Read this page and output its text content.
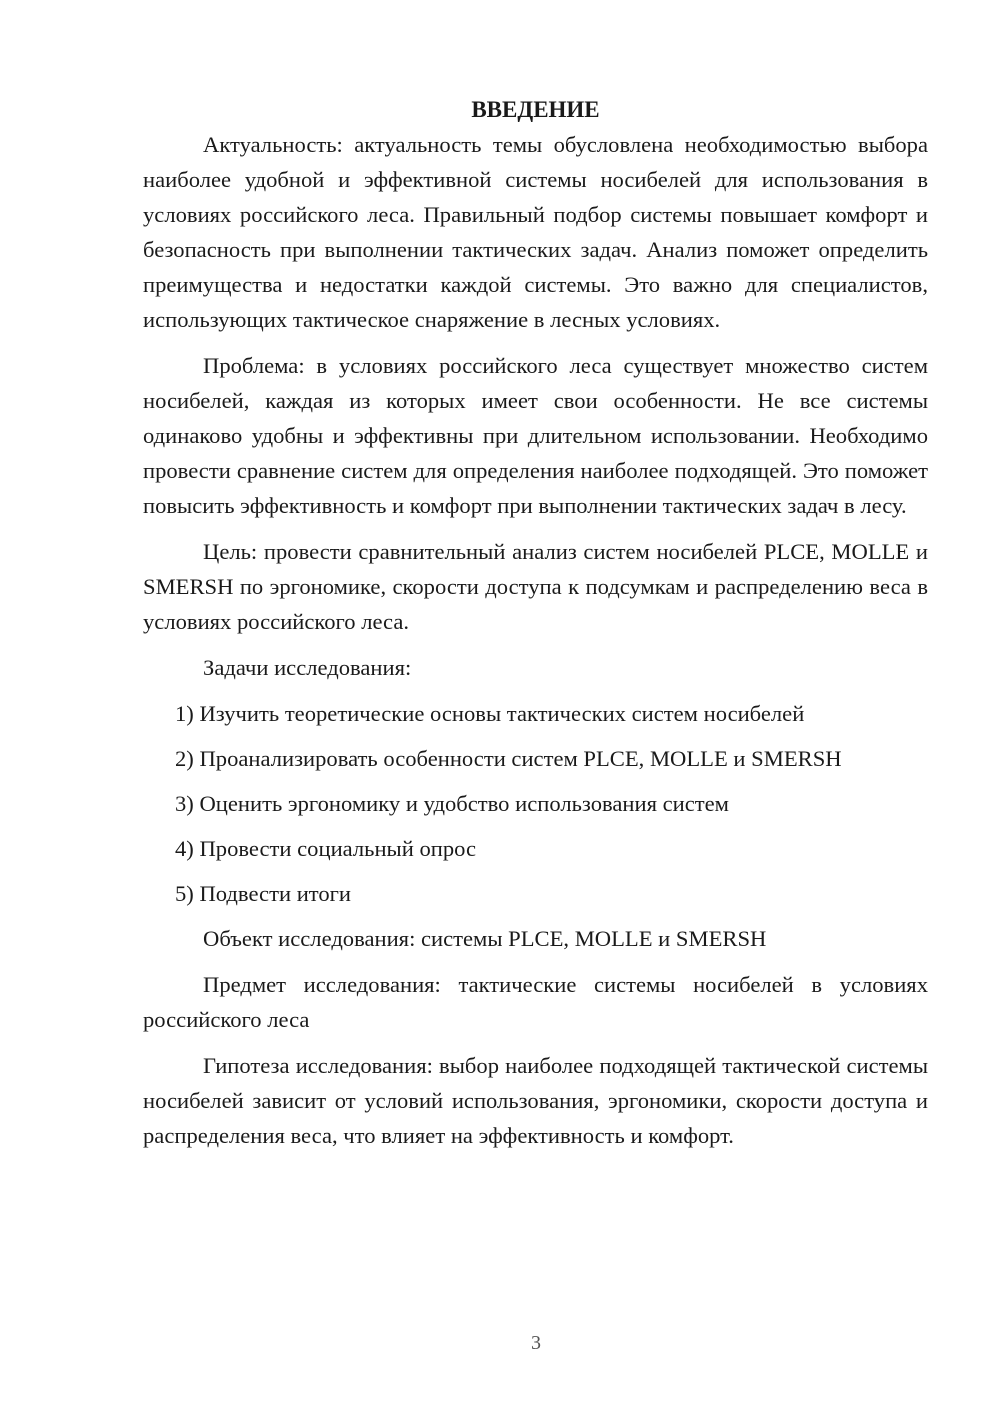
ВВЕДЕНИЕ

Актуальность: актуальность темы обусловлена необходимостью выбора наиболее удобной и эффективной системы носибелей для использования в условиях российского леса. Правильный подбор системы повышает комфорт и безопасность при выполнении тактических задач. Анализ поможет определить преимущества и недостатки каждой системы. Это важно для специалистов, использующих тактическое снаряжение в лесных условиях.

Проблема: в условиях российского леса существует множество систем носибелей, каждая из которых имеет свои особенности. Не все системы одинаково удобны и эффективны при длительном использовании. Необходимо провести сравнение систем для определения наиболее подходящей. Это поможет повысить эффективность и комфорт при выполнении тактических задач в лесу.

Цель: провести сравнительный анализ систем носибелей PLCE, MOLLE и SMERSH по эргономике, скорости доступа к подсумкам и распределению веса в условиях российского леса.

Задачи исследования:

1) Изучить теоретические основы тактических систем носибелей
2) Проанализировать особенности систем PLCE, MOLLE и SMERSH
3) Оценить эргономику и удобство использования систем
4) Провести социальный опрос
5) Подвести итоги

Объект исследования: системы PLCE, MOLLE и SMERSH

Предмет исследования: тактические системы носибелей в условиях российского леса

Гипотеза исследования: выбор наиболее подходящей тактической системы носибелей зависит от условий использования, эргономики, скорости доступа и распределения веса, что влияет на эффективность и комфорт.

3
